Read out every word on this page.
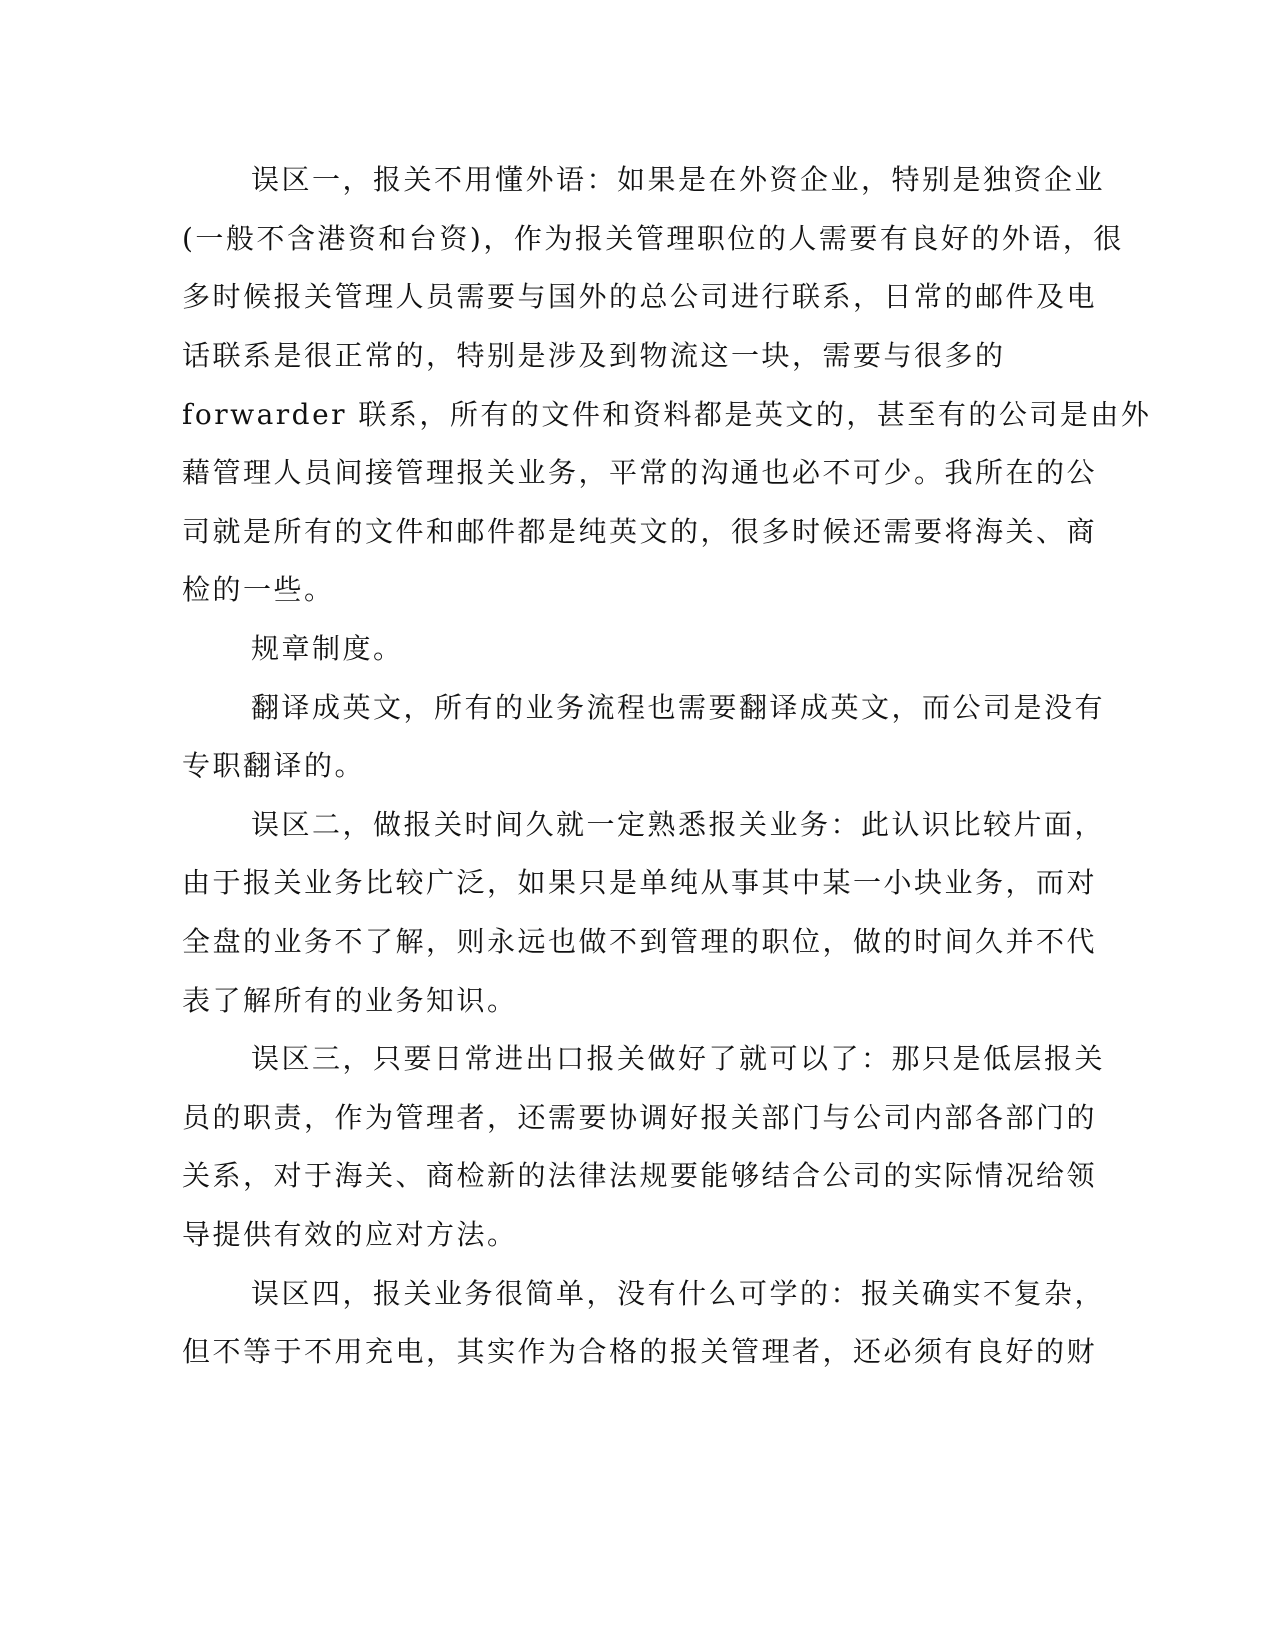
误区一，报关不用懂外语：如果是在外资企业，特别是独资企业

(一般不含港资和台资)，作为报关管理职位的人需要有良好的外语，很

多时候报关管理人员需要与国外的总公司进行联系，日常的邮件及电

话联系是很正常的，特别是涉及到物流这一块，需要与很多的

forwarder 联系，所有的文件和资料都是英文的，甚至有的公司是由外

藉管理人员间接管理报关业务，平常的沟通也必不可少。我所在的公

司就是所有的文件和邮件都是纯英文的，很多时候还需要将海关、商

检的一些。

规章制度。

翻译成英文，所有的业务流程也需要翻译成英文，而公司是没有

专职翻译的。

误区二，做报关时间久就一定熟悉报关业务：此认识比较片面，

由于报关业务比较广泛，如果只是单纯从事其中某一小块业务，而对

全盘的业务不了解，则永远也做不到管理的职位，做的时间久并不代

表了解所有的业务知识。

误区三，只要日常进出口报关做好了就可以了：那只是低层报关

员的职责，作为管理者，还需要协调好报关部门与公司内部各部门的

关系，对于海关、商检新的法律法规要能够结合公司的实际情况给领

导提供有效的应对方法。

误区四，报关业务很简单，没有什么可学的：报关确实不复杂，

但不等于不用充电，其实作为合格的报关管理者，还必须有良好的财
